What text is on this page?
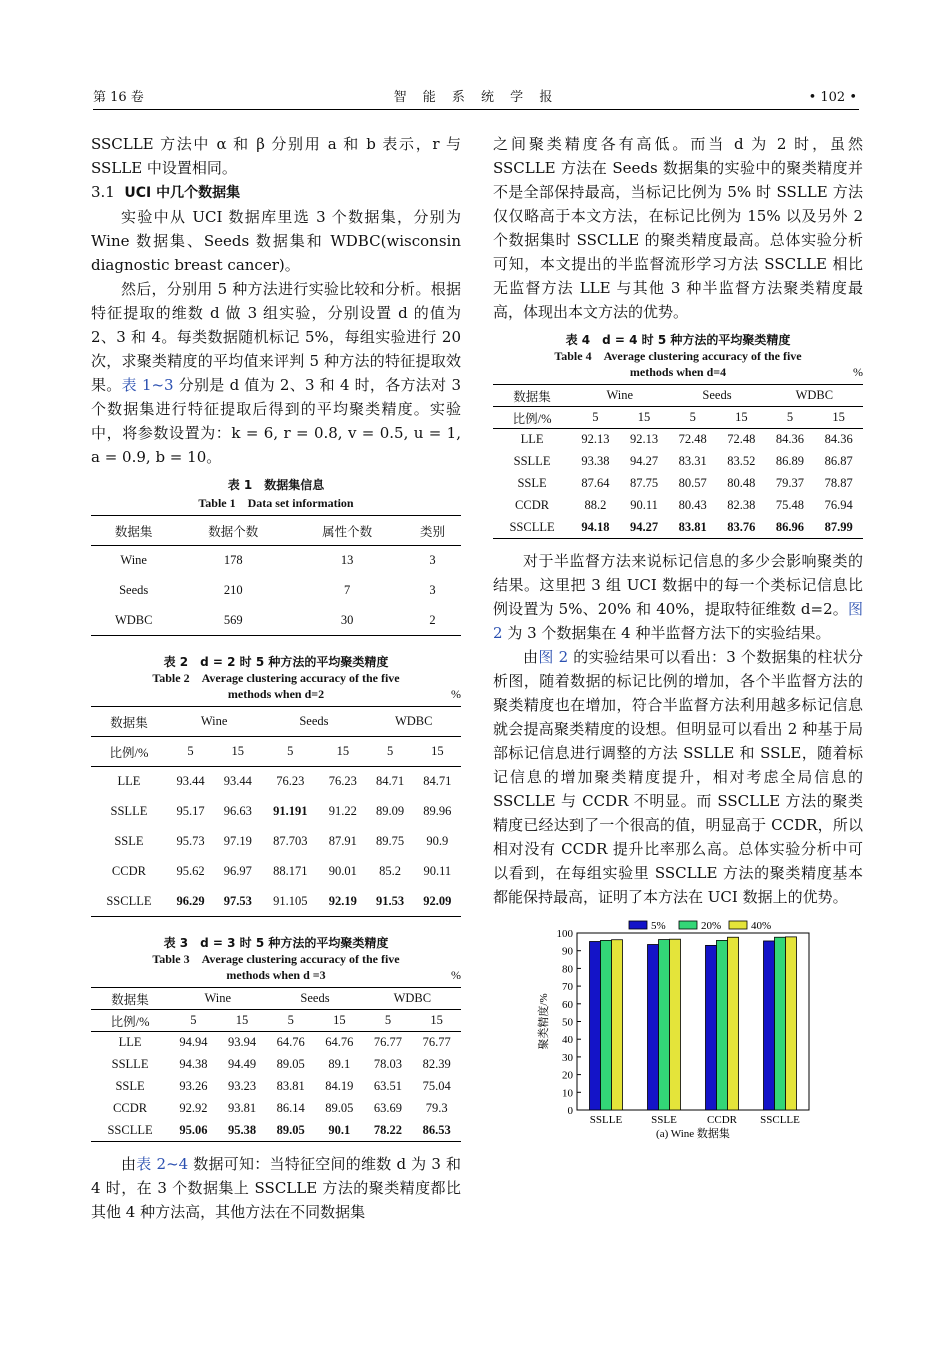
第 16 卷	智 能 系 统 学 报	• 102 •

SSCLLE 方法中 α 和 β 分别用 a 和 b 表示，r 与 SSLLE 中设置相同。

3.1 UCI 中几个数据集

实验中从 UCI 数据库里选 3 个数据集，分别为 Wine 数据集、Seeds 数据集和 WDBC(wisconsin diagnostic breast cancer)。

然后，分别用 5 种方法进行实验比较和分析。根据特征提取的维数 d 做 3 组实验，分别设置 d 的值为 2、3 和 4。每类数据随机标记 5%，每组实验进行 20 次，求聚类精度的平均值来评判 5 种方法的特征提取效果。表 1~3 分别是 d 值为 2、3 和 4 时，各方法对 3 个数据集进行特征提取后得到的平均聚类精度。实验中，将参数设置为：k = 6, r = 0.8, v = 0.5, u = 1, a = 0.9, b = 10。

表 1　数据集信息
Table 1　Data set information
数据集	数据个数	属性个数	类别
Wine	178	13	3
Seeds	210	7	3
WDBC	569	30	2
表 2　d = 2 时 5 种方法的平均聚类精度
Table 2　Average clustering accuracy of the five
methods when d=2	%
数据集	Wine		Seeds		WDBC	
比例/%	5	15	5	15	5	15
LLE	93.44	93.44	76.23	76.23	84.71	84.71
SSLLE	95.17	96.63	91.191	91.22	89.09	89.96
SSLE	95.73	97.19	87.703	87.91	89.75	90.9
CCDR	95.62	96.97	88.171	90.01	85.2	90.11
SSCLLE	96.29	97.53	91.105	92.19	91.53	92.09
表 3　d = 3 时 5 种方法的平均聚类精度
Table 3　Average clustering accuracy of the five
methods when d =3	%
数据集	Wine		Seeds		WDBC	
比例/%	5	15	5	15	5	15
LLE	94.94	93.94	64.76	64.76	76.77	76.77
SSLLE	94.38	94.49	89.05	89.1	78.03	82.39
SSLE	93.26	93.23	83.81	84.19	63.51	75.04
CCDR	92.92	93.81	86.14	89.05	63.69	79.3
SSCLLE	95.06	95.38	89.05	90.1	78.22	86.53

由表 2~4 数据可知：当特征空间的维数 d 为 3 和 4 时，在 3 个数据集上 SSCLLE 方法的聚类精度都比其他 4 种方法高，其他方法在不同数据集

之间聚类精度各有高低。而当 d 为 2 时，虽然 SSCLLE 方法在 Seeds 数据集的实验中的聚类精度并不是全部保持最高，当标记比例为 5% 时 SSLLE 方法仅仅略高于本文方法，在标记比例为 15% 以及另外 2 个数据集时 SSCLLE 的聚类精度最高。总体实验分析可知，本文提出的半监督流形学习方法 SSCLLE 相比无监督方法 LLE 与其他 3 种半监督方法聚类精度最高，体现出本文方法的优势。

表 4　d = 4 时 5 种方法的平均聚类精度
Table 4　Average clustering accuracy of the five
methods when d=4	%
数据集	Wine		Seeds		WDBC	
比例/%	5	15	5	15	5	15
LLE	92.13	92.13	72.48	72.48	84.36	84.36
SSLLE	93.38	94.27	83.31	83.52	86.89	86.87
SSLE	87.64	87.75	80.57	80.48	79.37	78.87
CCDR	88.2	90.11	80.43	82.38	75.48	76.94
SSCLLE	94.18	94.27	83.81	83.76	86.96	87.99

对于半监督方法来说标记信息的多少会影响聚类的结果。这里把 3 组 UCI 数据中的每一个类标记信息比例设置为 5%、20% 和 40%，提取特征维数 d=2。图 2 为 3 个数据集在 4 种半监督方法下的实验结果。

由图 2 的实验结果可以看出：3 个数据集的柱状分析图，随着数据的标记比例的增加，各个半监督方法的聚类精度也在增加，符合半监督方法利用越多标记信息就会提高聚类精度的设想。但明显可以看出 2 种基于局部标记信息进行调整的方法 SSLLE 和 SSLE，随着标记信息的增加聚类精度提升，相对考虑全局信息的 SSCLLE 与 CCDR 不明显。而 SSCLLE 方法的聚类精度已经达到了一个很高的值，明显高于 CCDR，所以相对没有 CCDR 提升比率那么高。总体实验分析中可以看到，在每组实验里 SSCLLE 方法的聚类精度基本都能保持最高，证明了本方法在 UCI 数据上的优势。

0
10
20
30
40
50
60
70
80
90
100
聚类精度/%
SSLLE	SSLE	CCDR SSCLLE
(a) Wine 数据集
5%	20%	40%
